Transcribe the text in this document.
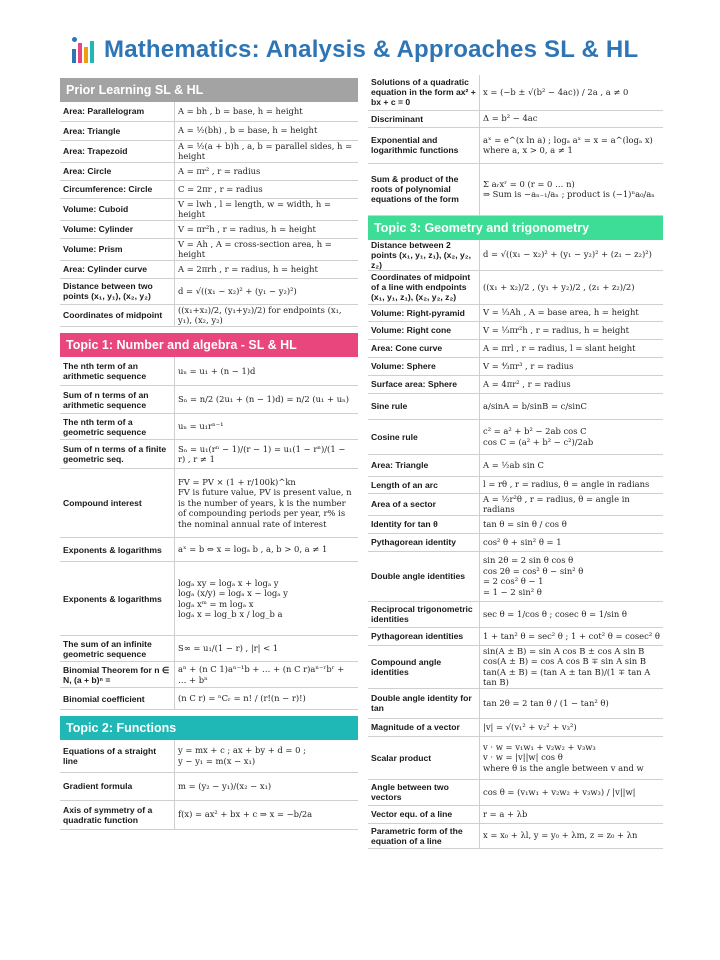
Mathematics: Analysis & Approaches SL & HL
Prior Learning SL & HL
Area: Parallelogram	A = bh , b = base, h = height
Area: Triangle	A = ½(bh) , b = base, h = height
Area: Trapezoid	A = ½(a + b)h , a, b = parallel sides, h = height
Area: Circle	A = πr² , r = radius
Circumference: Circle	C = 2πr , r = radius
Volume: Cuboid	V = lwh , l = length, w = width, h = height
Volume: Cylinder	V = πr²h , r = radius, h = height
Volume: Prism	V = Ah , A = cross-section area, h = height
Area: Cylinder curve	A = 2πrh , r = radius, h = height
Distance between two points (x₁, y₁), (x₂, y₂)	d = √((x₁ − x₂)² + (y₁ − y₂)²)
Coordinates of midpoint	((x₁+x₂)/2, (y₁+y₂)/2) for endpoints (x₁, y₁), (x₂, y₂)
Topic 1: Number and algebra - SL & HL
The nth term of an arithmetic sequence	uₙ = u₁ + (n − 1)d
Sum of n terms of an arithmetic sequence	Sₙ = n/2 (2u₁ + (n − 1)d) = n/2 (u₁ + uₙ)
The nth term of a geometric sequence	uₙ = u₁rⁿ⁻¹
Sum of n terms of a finite geometric seq.	Sₙ = u₁(rⁿ − 1)/(r − 1) = u₁(1 − rⁿ)/(1 − r) , r ≠ 1
Compound interest	FV = PV × (1 + r/100k)^kn
FV is future value, PV is present value, n is the number of years, k is the number of compounding periods per year, r% is the nominal annual rate of interest
Exponents & logarithms	aˣ = b ⇔ x = logₐ b , a, b > 0, a ≠ 1
Exponents & logarithms	logₐ xy = logₐ x + logₐ y
logₐ (x/y) = logₐ x − logₐ y
logₐ xᵐ = m logₐ x
logₐ x = log_b x / log_b a
The sum of an infinite geometric sequence	S∞ = u₁/(1 − r) , |r| < 1
Binomial Theorem for n ∈ N, (a + b)ⁿ =	aⁿ + (n C 1)aⁿ⁻¹b + … + (n C r)aⁿ⁻ʳbʳ + … + bⁿ
Binomial coefficient	(n C r) = ⁿCᵣ = n! / (r!(n − r)!)
Topic 2: Functions
Equations of a straight line	y = mx + c ; ax + by + d = 0 ;
y − y₁ = m(x − x₁)
Gradient formula	m = (y₂ − y₁)/(x₂ − x₁)
Axis of symmetry of a quadratic function	f(x) = ax² + bx + c ⇒ x = −b/2a
Solutions of a quadratic equation in the form ax² + bx + c = 0	x = (−b ± √(b² − 4ac)) / 2a , a ≠ 0
Discriminant	Δ = b² − 4ac
Exponential and logarithmic functions	aˣ = e^(x ln a) ; logₐ aˣ = x = a^(logₐ x)
where a, x > 0, a ≠ 1
Sum & product of the roots of polynomial equations of the form	Σ aᵣxʳ = 0 (r = 0 … n)
⇒ Sum is −aₙ₋₁/aₙ ; product is (−1)ⁿa₀/aₙ
Topic 3: Geometry and trigonometry
Distance between 2 points (x₁, y₁, z₁), (x₂, y₂, z₂)	d = √((x₁ − x₂)² + (y₁ − y₂)² + (z₁ − z₂)²)
Coordinates of midpoint of a line with endpoints (x₁, y₁, z₁), (x₂, y₂, z₂)	((x₁ + x₂)/2 , (y₁ + y₂)/2 , (z₁ + z₂)/2)
Volume: Right-pyramid	V = ⅓Ah , A = base area, h = height
Volume: Right cone	V = ⅓πr²h , r = radius, h = height
Area: Cone curve	A = πrl , r = radius, l = slant height
Volume: Sphere	V = ⁴⁄₃πr³ , r = radius
Surface area: Sphere	A = 4πr² , r = radius
Sine rule	a/sinA = b/sinB = c/sinC
Cosine rule	c² = a² + b² − 2ab cos C
cos C = (a² + b² − c²)/2ab
Area: Triangle	A = ½ab sin C
Length of an arc	l = rθ , r = radius, θ = angle in radians
Area of a sector	A = ½r²θ , r = radius, θ = angle in radians
Identity for tan θ	tan θ = sin θ / cos θ
Pythagorean identity	cos² θ + sin² θ = 1
Double angle identities	sin 2θ = 2 sin θ cos θ
cos 2θ = cos² θ − sin² θ
= 2 cos² θ − 1
= 1 − 2 sin² θ
Reciprocal trigonometric identities	sec θ = 1/cos θ ; cosec θ = 1/sin θ
Pythagorean identities	1 + tan² θ = sec² θ ; 1 + cot² θ = cosec² θ
Compound angle identities	sin(A ± B) = sin A cos B ± cos A sin B
cos(A ± B) = cos A cos B ∓ sin A sin B
tan(A ± B) = (tan A ± tan B)/(1 ∓ tan A tan B)
Double angle identity for tan	tan 2θ = 2 tan θ / (1 − tan² θ)
Magnitude of a vector	|v| = √(v₁² + v₂² + v₃²)
Scalar product	v · w = v₁w₁ + v₂w₂ + v₃w₃
v · w = |v||w| cos θ
where θ is the angle between v and w
Angle between two vectors	cos θ = (v₁w₁ + v₂w₂ + v₃w₃) / |v||w|
Vector equ. of a line	r = a + λb
Parametric form of the equation of a line	x = x₀ + λl, y = y₀ + λm, z = z₀ + λn
